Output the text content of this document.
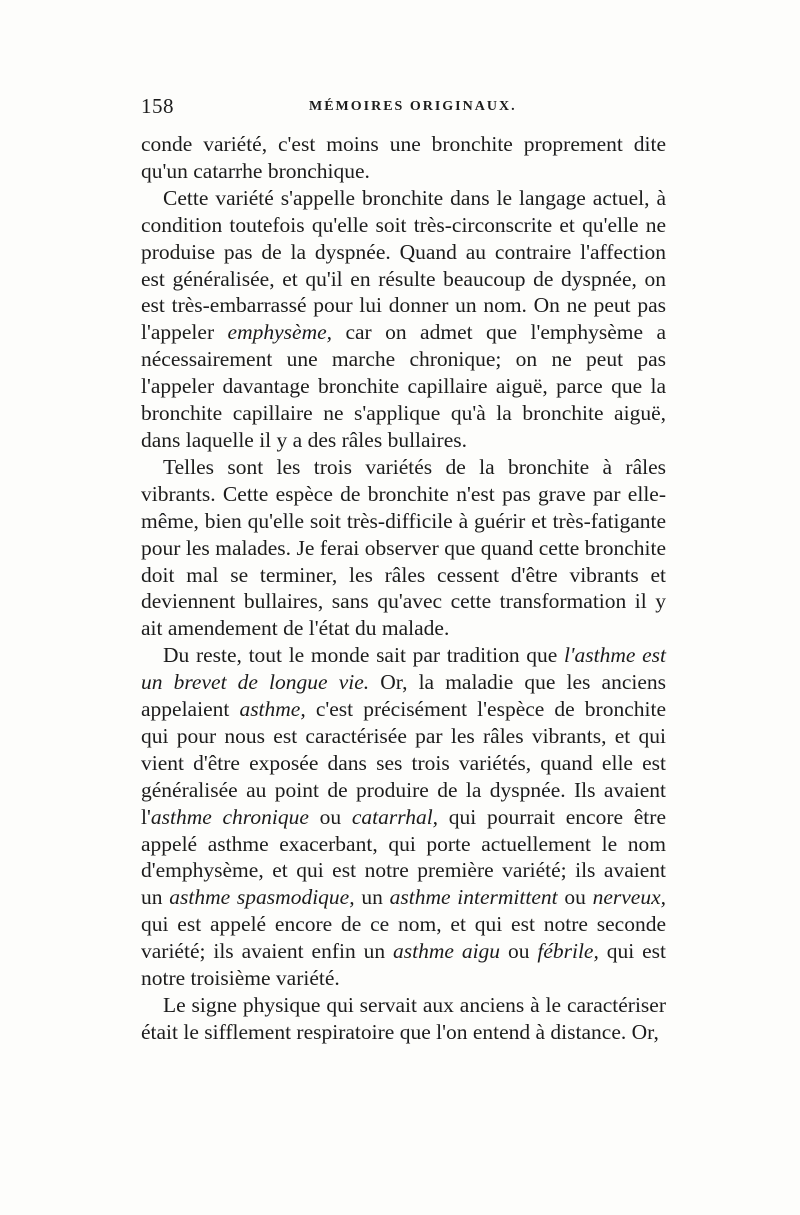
158	MÉMOIRES ORIGINAUX.

conde variété, c'est moins une bronchite proprement dite qu'un catarrhe bronchique.

Cette variété s'appelle bronchite dans le langage actuel, à condition toutefois qu'elle soit très-circonscrite et qu'elle ne produise pas de la dyspnée. Quand au contraire l'affection est généralisée, et qu'il en résulte beaucoup de dyspnée, on est très-embarrassé pour lui donner un nom. On ne peut pas l'appeler emphysème, car on admet que l'emphysème a nécessairement une marche chronique; on ne peut pas l'appeler davantage bronchite capillaire aiguë, parce que la bronchite capillaire ne s'applique qu'à la bronchite aiguë, dans laquelle il y a des râles bullaires.

Telles sont les trois variétés de la bronchite à râles vibrants. Cette espèce de bronchite n'est pas grave par elle-même, bien qu'elle soit très-difficile à guérir et très-fatigante pour les malades. Je ferai observer que quand cette bronchite doit mal se terminer, les râles cessent d'être vibrants et deviennent bullaires, sans qu'avec cette transformation il y ait amendement de l'état du malade.

Du reste, tout le monde sait par tradition que l'asthme est un brevet de longue vie. Or, la maladie que les anciens appelaient asthme, c'est précisément l'espèce de bronchite qui pour nous est caractérisée par les râles vibrants, et qui vient d'être exposée dans ses trois variétés, quand elle est généralisée au point de produire de la dyspnée. Ils avaient l'asthme chronique ou catarrhal, qui pourrait encore être appelé asthme exacerbant, qui porte actuellement le nom d'emphysème, et qui est notre première variété; ils avaient un asthme spasmodique, un asthme intermittent ou nerveux, qui est appelé encore de ce nom, et qui est notre seconde variété; ils avaient enfin un asthme aigu ou fébrile, qui est notre troisième variété.

Le signe physique qui servait aux anciens à le caractériser était le sifflement respiratoire que l'on entend à distance. Or,
